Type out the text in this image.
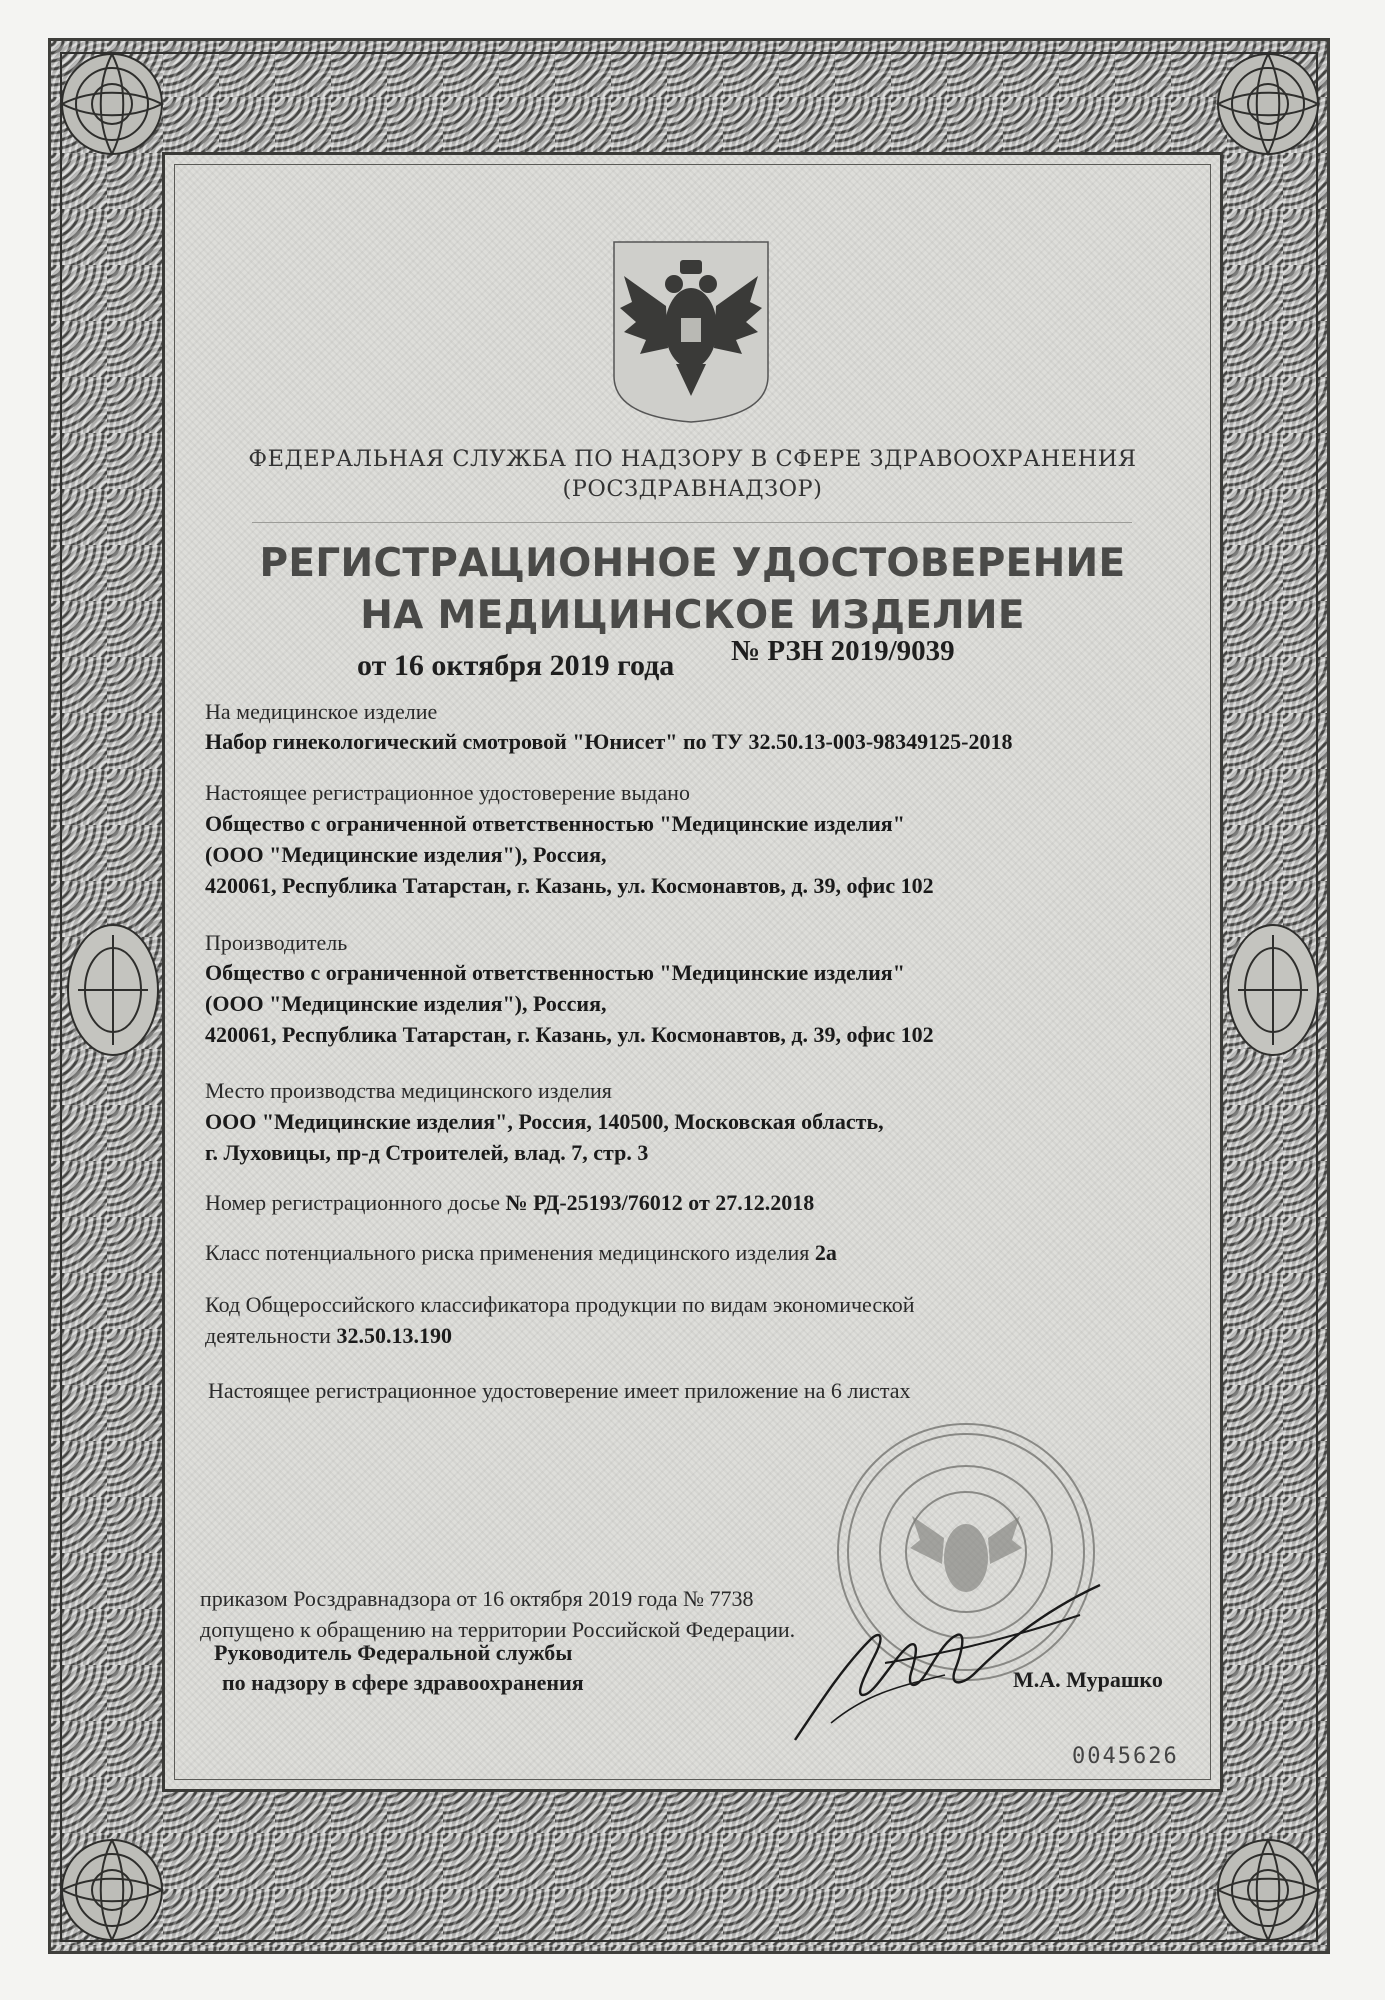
ФЕДЕРАЛЬНАЯ СЛУЖБА ПО НАДЗОРУ В СФЕРЕ ЗДРАВООХРАНЕНИЯ
(РОСЗДРАВНАДЗОР)
РЕГИСТРАЦИОННОЕ УДОСТОВЕРЕНИЕ
НА МЕДИЦИНСКОЕ ИЗДЕЛИЕ
от 16 октября 2019 года № РЗН 2019/9039
На медицинское изделие
Набор гинекологический смотровой "Юнисет" по ТУ 32.50.13-003-98349125-2018
Настоящее регистрационное удостоверение выдано
Общество с ограниченной ответственностью "Медицинские изделия"
(ООО "Медицинские изделия"), Россия,
420061, Республика Татарстан, г. Казань, ул. Космонавтов, д. 39, офис 102
Производитель
Общество с ограниченной ответственностью "Медицинские изделия"
(ООО "Медицинские изделия"), Россия,
420061, Республика Татарстан, г. Казань, ул. Космонавтов, д. 39, офис 102
Место производства медицинского изделия
ООО "Медицинские изделия", Россия, 140500, Московская область,
г. Луховицы, пр-д Строителей, влад. 7, стр. 3
Номер регистрационного досье № РД-25193/76012 от 27.12.2018
Класс потенциального риска применения медицинского изделия 2а
Код Общероссийского классификатора продукции по видам экономической
деятельности 32.50.13.190
Настоящее регистрационное удостоверение имеет приложение на 6 листах
приказом Росздравнадзора от 16 октября 2019 года № 7738
допущено к обращению на территории Российской Федерации.
Руководитель Федеральной службы
по надзору в сфере здравоохранения	М.А. Мурашко
0045626
